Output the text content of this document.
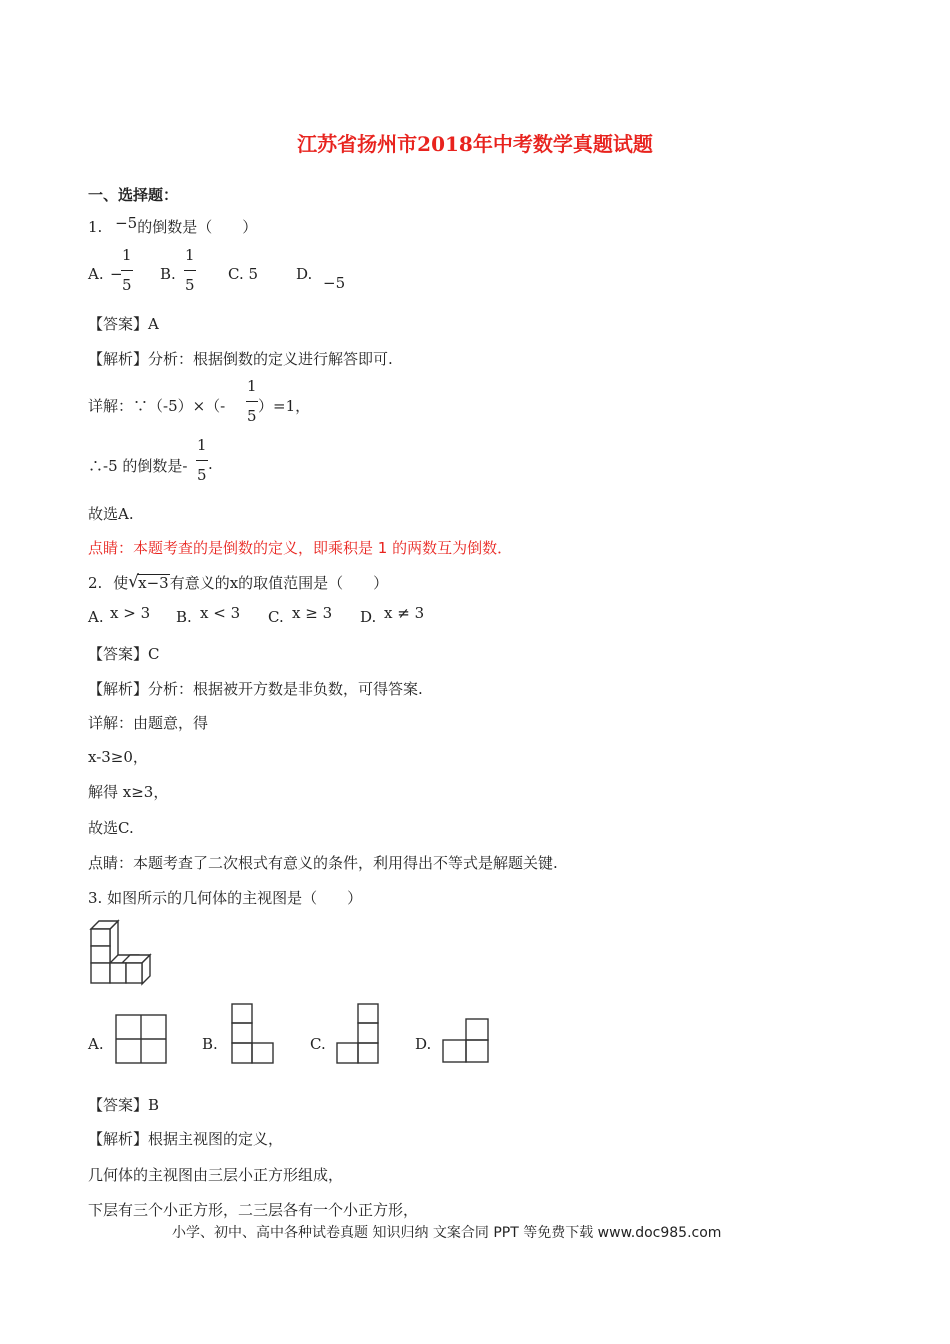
江苏省扬州市2018年中考数学真题试题
一、选择题：
1. −5的倒数是（　　）
A. −
$\frac{1}{5} B$. $\frac{1}{5} C$. 5	D. −5
【答案】A
【解析】分析：根据倒数的定义进行解答即可.
详解：∵（-5）×（- $\frac{1}{5} )=1$，
∴-5 的倒数是- $\frac{1}{5}$ .
故选A.
点睛：本题考查的是倒数的定义，即乘积是 1 的两数互为倒数．
2. 使 √ x−3有意义的x的取值范围是（　　）
A. x > 3 B. x < 3 C. x ≥ 3 D. x ≠ 3
【答案】C
【解析】分析：根据被开方数是非负数，可得答案.
详解：由题意，得
x-3≥0，
解得 x≥3，
故选C.
点睛：本题考查了二次根式有意义的条件，利用得出不等式是解题关键.
3. 如图所示的几何体的主视图是（　　）
A.	B.	C.	D.
【答案】B
【解析】根据主视图的定义，
几何体的主视图由三层小正方形组成，
下层有三个小正方形，二三层各有一个小正方形，
小学、初中、高中各种试卷真题 知识归纳 文案合同 PPT 等免费下载 www.doc985.com
